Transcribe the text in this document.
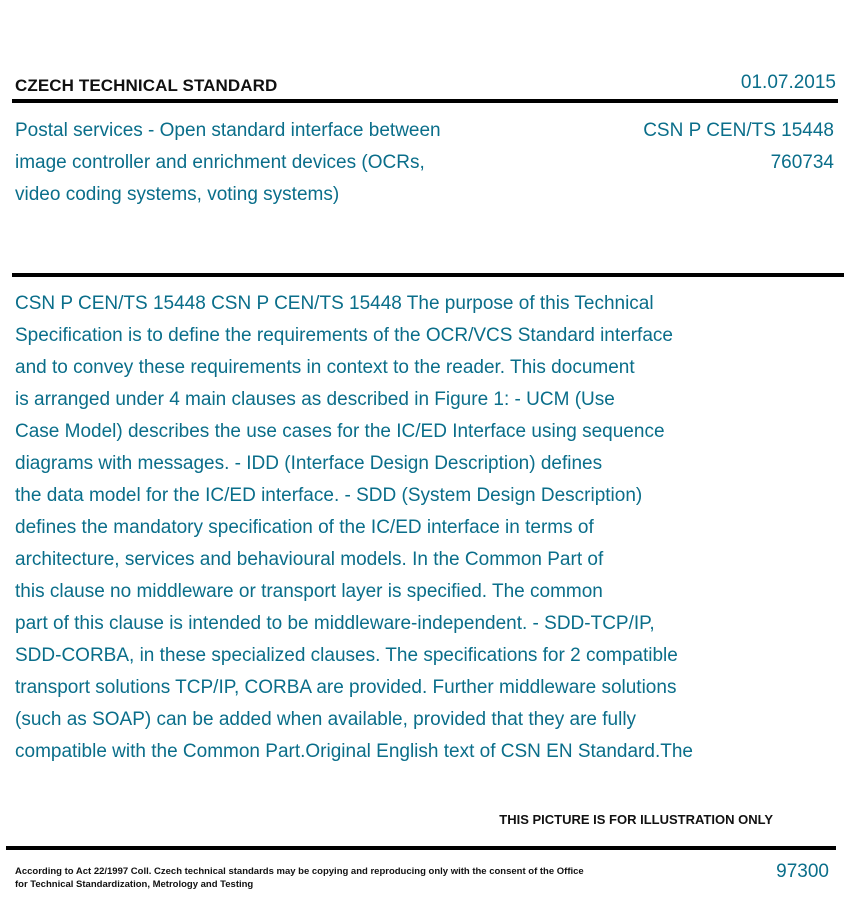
CZECH TECHNICAL STANDARD	01.07.2015
Postal services - Open standard interface between
image controller and enrichment devices (OCRs,
video coding systems, voting systems)
CSN P CEN/TS 15448
760734
CSN P CEN/TS 15448 CSN P CEN/TS 15448 The purpose of this Technical
Specification is to define the requirements of the OCR/VCS Standard interface
and to convey these requirements in context to the reader. This document
is arranged under 4 main clauses as described in Figure 1: - UCM (Use
Case Model) describes the use cases for the IC/ED Interface using sequence
diagrams with messages. - IDD (Interface Design Description) defines
the data model for the IC/ED interface. - SDD (System Design Description)
defines the mandatory specification of the IC/ED interface in terms of
architecture, services and behavioural models. In the Common Part of
this clause no middleware or transport layer is specified. The common
part of this clause is intended to be middleware-independent. - SDD-TCP/IP,
SDD-CORBA, in these specialized clauses. The specifications for 2 compatible
transport solutions TCP/IP, CORBA are provided. Further middleware solutions
(such as SOAP) can be added when available, provided that they are fully
compatible with the Common Part.Original English text of CSN EN Standard.The
THIS PICTURE IS FOR ILLUSTRATION ONLY
According to Act 22/1997 Coll. Czech technical standards may be copying and reproducing only with the consent of the Office
for Technical Standardization, Metrology and Testing
97300
